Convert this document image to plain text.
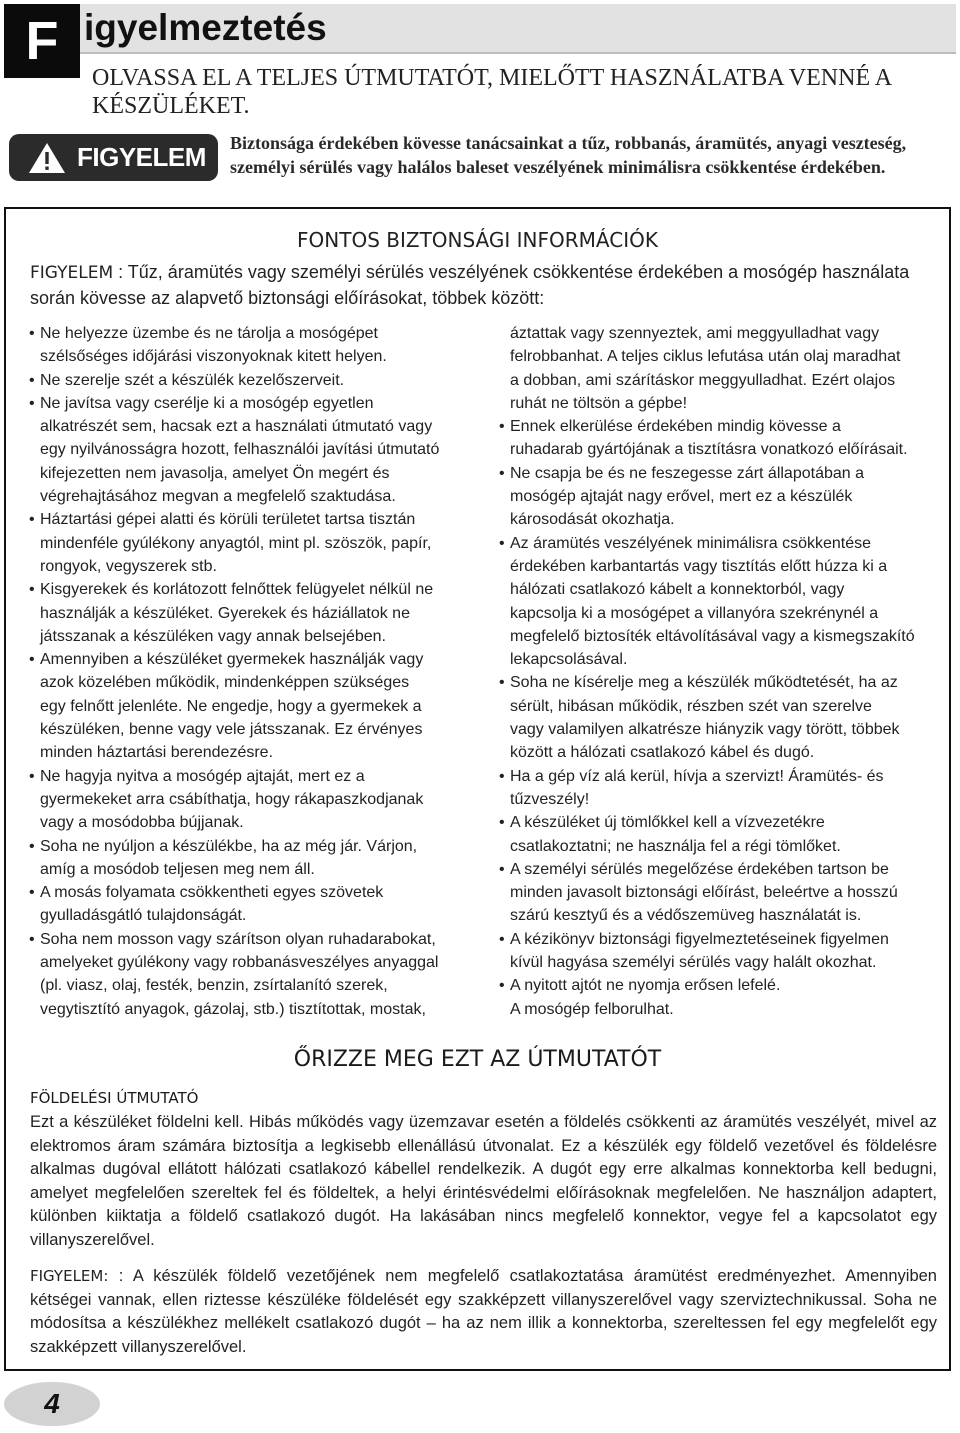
F igyelmeztetés

OLVASSA EL A TELJES ÚTMUTATÓT, MIELŐTT HASZNÁLATBA VENNÉ A KÉSZÜLÉKET.

FIGYELEM Biztonsága érdekében kövesse tanácsainkat a tűz, robbanás, áramütés, anyagi veszteség, személyi sérülés vagy halálos baleset veszélyének minimálisra csökkentése érdekében.

FONTOS BIZTONSÁGI INFORMÁCIÓK

FIGYELEM : Tűz, áramütés vagy személyi sérülés veszélyének csökkentése érdekében a mosógép használata során kövesse az alapvető biztonsági előírásokat, többek között:

• Ne helyezze üzembe és ne tárolja a mosógépet
szélsőséges időjárási viszonyoknak kitett helyen.
• Ne szerelje szét a készülék kezelőszerveit.
• Ne javítsa vagy cserélje ki a mosógép egyetlen
alkatrészét sem, hacsak ezt a használati útmutató vagy
egy nyilvánosságra hozott, felhasználói javítási útmutató
kifejezetten nem javasolja, amelyet Ön megért és
végrehajtásához megvan a megfelelő szaktudása.
• Háztartási gépei alatti és körüli területet tartsa tisztán
mindenféle gyúlékony anyagtól, mint pl. szöszök, papír,
rongyok, vegyszerek stb.
• Kisgyerekek és korlátozott felnőttek felügyelet nélkül ne
használják a készüléket. Gyerekek és háziállatok ne
játsszanak a készüléken vagy annak belsejében.
• Amennyiben a készüléket gyermekek használják vagy
azok közelében működik, mindenképpen szükséges
egy felnőtt jelenléte. Ne engedje, hogy a gyermekek a
készüléken, benne vagy vele játsszanak. Ez érvényes
minden háztartási berendezésre.
• Ne hagyja nyitva a mosógép ajtaját, mert ez a
gyermekeket arra csábíthatja, hogy rákapaszkodjanak
vagy a mosódobba bújjanak.
• Soha ne nyúljon a készülékbe, ha az még jár. Várjon,
amíg a mosódob teljesen meg nem áll.
• A mosás folyamata csökkentheti egyes szövetek
gyulladásgátló tulajdonságát.
• Soha nem mosson vagy szárítson olyan ruhadarabokat,
amelyeket gyúlékony vagy robbanásveszélyes anyaggal
(pl. viasz, olaj, festék, benzin, zsírtalanító szerek,
vegytisztító anyagok, gázolaj, stb.) tisztítottak, mostak,
áztattak vagy szennyeztek, ami meggyulladhat vagy
felrobbanhat. A teljes ciklus lefutása után olaj maradhat
a dobban, ami szárításkor meggyulladhat. Ezért olajos
ruhát ne töltsön a gépbe!
• Ennek elkerülése érdekében mindig kövesse a
ruhadarab gyártójának a tisztításra vonatkozó előírásait.
• Ne csapja be és ne feszegesse zárt állapotában a
mosógép ajtaját nagy erővel, mert ez a készülék
károsodását okozhatja.
• Az áramütés veszélyének minimálisra csökkentése
érdekében karbantartás vagy tisztítás előtt húzza ki a
hálózati csatlakozó kábelt a konnektorból, vagy
kapcsolja ki a mosógépet a villanyóra szekrénynél a
megfelelő biztosíték eltávolításával vagy a kismegszakító
lekapcsolásával.
• Soha ne kísérelje meg a készülék működtetését, ha az
sérült, hibásan működik, részben szét van szerelve
vagy valamilyen alkatrésze hiányzik vagy törött, többek
között a hálózati csatlakozó kábel és dugó.
• Ha a gép víz alá kerül, hívja a szervizt! Áramütés- és
tűzveszély!
• A készüléket új tömlőkkel kell a vízvezetékre
csatlakoztatni; ne használja fel a régi tömlőket.
• A személyi sérülés megelőzése érdekében tartson be
minden javasolt biztonsági előírást, beleértve a hosszú
szárú kesztyű és a védőszemüveg használatát is.
• A kézikönyv biztonsági figyelmeztetéseinek figyelmen
kívül hagyása személyi sérülés vagy halált okozhat.
• A nyitott ajtót ne nyomja erősen lefelé.
A mosógép felborulhat.

ŐRIZZE MEG EZT AZ ÚTMUTATÓT

FÖLDELÉSI ÚTMUTATÓ

Ezt a készüléket földelni kell. Hibás működés vagy üzemzavar esetén a földelés csökkenti az áramütés veszélyét, mivel az elektromos áram számára biztosítja a legkisebb ellenállású útvonalat. Ez a készülék egy földelő vezetővel és földelésre alkalmas dugóval ellátott hálózati csatlakozó kábellel rendelkezik. A dugót egy erre alkalmas konnektorba kell bedugni, amelyet megfelelően szereltek fel és földeltek, a helyi érintésvédelmi előírásoknak megfelelően. Ne használjon adaptert, különben kiiktatja a földelő csatlakozó dugót. Ha lakásában nincs megfelelő konnektor, vegye fel a kapcsolatot egy villanyszerelővel.

FIGYELEM: : A készülék földelő vezetőjének nem megfelelő csatlakoztatása áramütést eredményezhet. Amennyiben kétségei vannak, ellen riztesse készüléke földelését egy szakképzett villanyszerelővel vagy szerviztechnikussal. Soha ne módosítsa a készülékhez mellékelt csatlakozó dugót – ha az nem illik a konnektorba, szereltessen fel egy megfelelőt egy szakképzett villanyszerelővel.

4
